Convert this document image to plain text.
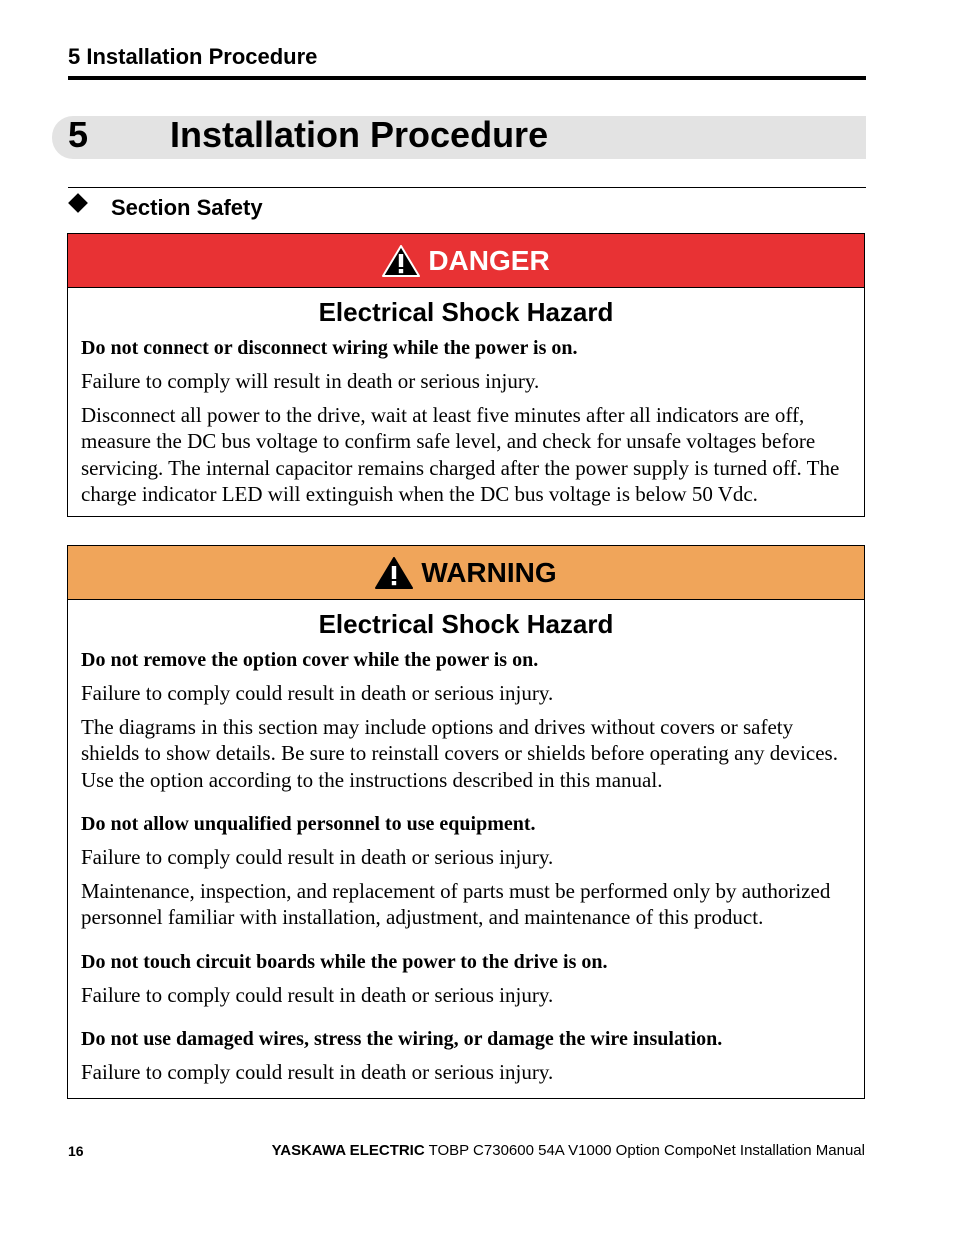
5 Installation Procedure
5 Installation Procedure
Section Safety
DANGER
Electrical Shock Hazard

Do not connect or disconnect wiring while the power is on.

Failure to comply will result in death or serious injury.

Disconnect all power to the drive, wait at least five minutes after all indicators are off, measure the DC bus voltage to confirm safe level, and check for unsafe voltages before servicing. The internal capacitor remains charged after the power supply is turned off. The charge indicator LED will extinguish when the DC bus voltage is below 50 Vdc.

WARNING
Electrical Shock Hazard

Do not remove the option cover while the power is on.

Failure to comply could result in death or serious injury.

The diagrams in this section may include options and drives without covers or safety shields to show details. Be sure to reinstall covers or shields before operating any devices. Use the option according to the instructions described in this manual.

Do not allow unqualified personnel to use equipment.

Failure to comply could result in death or serious injury.

Maintenance, inspection, and replacement of parts must be performed only by authorized personnel familiar with installation, adjustment, and maintenance of this product.

Do not touch circuit boards while the power to the drive is on.

Failure to comply could result in death or serious injury.

Do not use damaged wires, stress the wiring, or damage the wire insulation.

Failure to comply could result in death or serious injury.

16	YASKAWA ELECTRIC TOBP C730600 54A V1000 Option CompoNet Installation Manual
